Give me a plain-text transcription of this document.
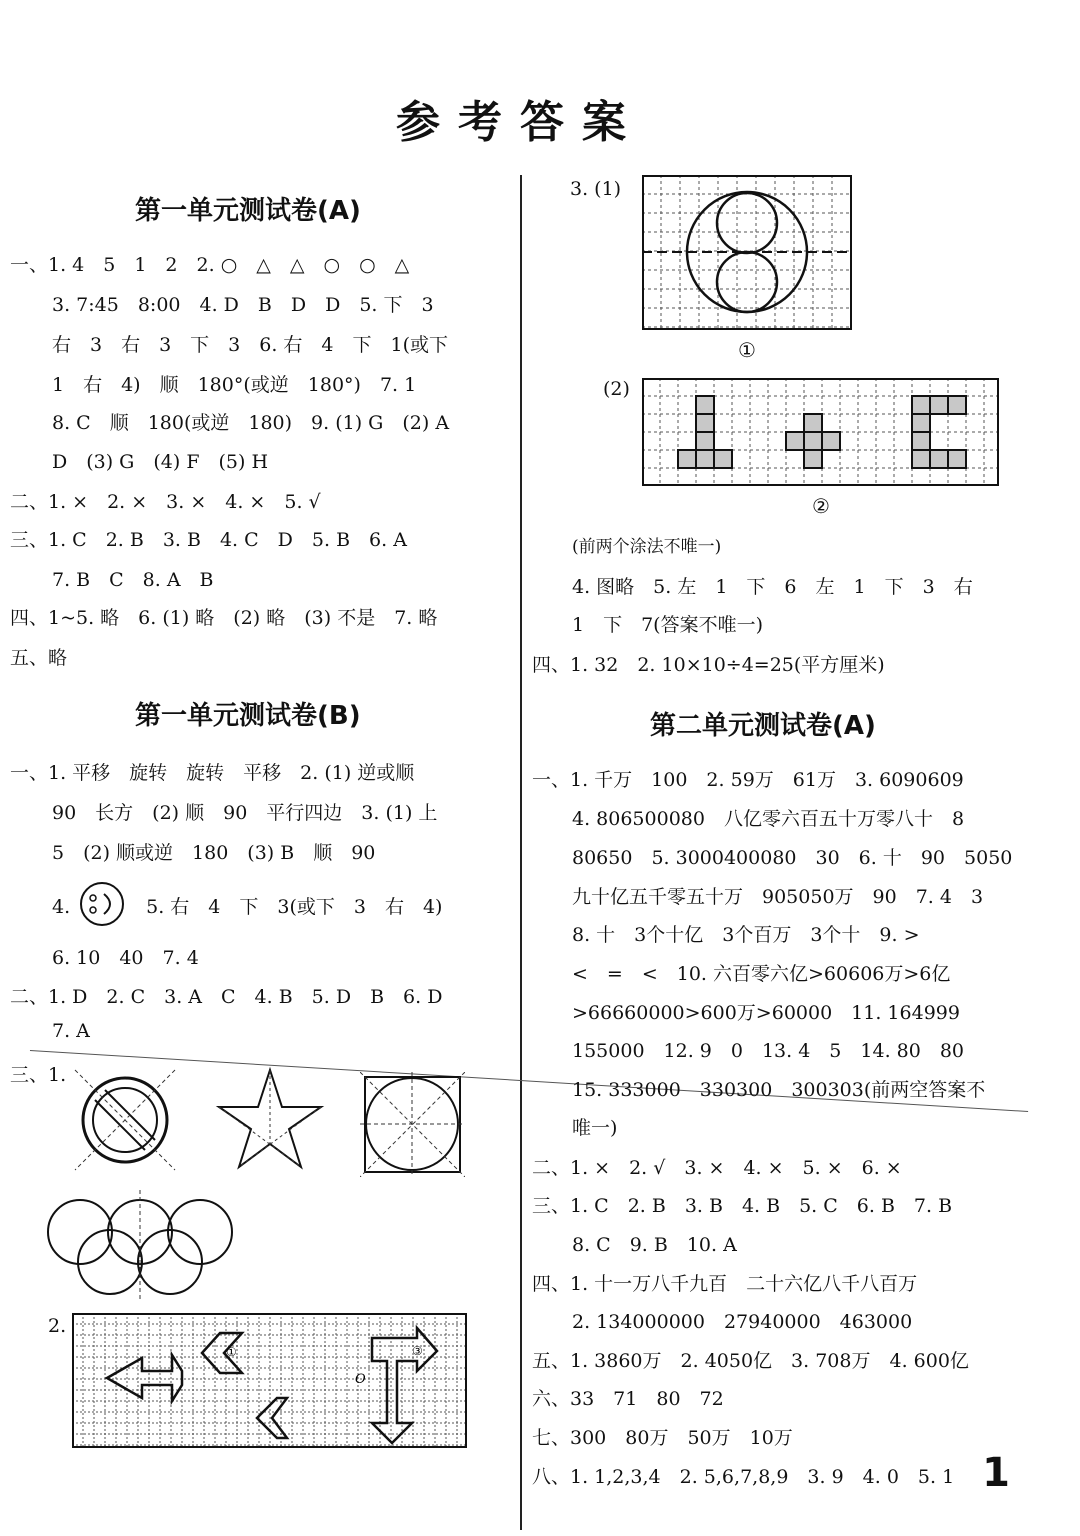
参考答案
第一单元测试卷(A)
一、1. 4　5　1　2　2. ○　△　△　○　○　△
3. 7:45　8:00　4. D　B　D　D　5. 下　3
右　3　右　3　下　3　6. 右　4　下　1(或下
1　右　4)　顺　180°(或逆　180°)　7. 1
8. C　顺　180(或逆　180)　9. (1) G　(2) A
D　(3) G　(4) F　(5) H
二、1. ×　2. ×　3. ×　4. ×　5. √
三、1. C　2. B　3. B　4. C　D　5. B　6. A
7. B　C　8. A　B
四、1~5. 略　6. (1) 略　(2) 略　(3) 不是　7. 略
五、略
第一单元测试卷(B)
一、1. 平移　旋转　旋转　平移　2. (1) 逆或顺
90　长方　(2) 顺　90　平行四边　3. (1) 上
5　(2) 顺或逆　180　(3) B　顺　90
4.　　　　5. 右　4　下　3(或下　3　右　4)
6. 10　40　7. 4
二、1. D　2. C　3. A　C　4. B　5. D　B　6. D
7. A
三、1.
2.
①	③
O
3. (1)
①
(2)
②
(前两个涂法不唯一)
4. 图略　5. 左　1　下　6　左　1　下　3　右
1　下　7(答案不唯一)
四、1. 32　2. 10×10÷4=25(平方厘米)
第二单元测试卷(A)
一、1. 千万　100　2. 59万　61万　3. 6090609
4. 806500080　八亿零六百五十万零八十　8
80650　5. 3000400080　30　6. 十　90　5050
九十亿五千零五十万　905050万　90　7. 4　3
8. 十　3个十亿　3个百万　3个十　9. >
<　=　<　10. 六百零六亿>60606万>6亿
>66660000>600万>60000　11. 164999
155000　12. 9　0　13. 4　5　14. 80　80
15. 333000　330300　300303(前两空答案不
唯一)
二、1. ×　2. √　3. ×　4. ×　5. ×　6. ×
三、1. C　2. B　3. B　4. B　5. C　6. B　7. B
8. C　9. B　10. A
四、1. 十一万八千九百　二十六亿八千八百万
2. 134000000　27940000　463000
五、1. 3860万　2. 4050亿　3. 708万　4. 600亿
六、33　71　80　72
七、300　80万　50万　10万
八、1. 1,2,3,4　2. 5,6,7,8,9　3. 9　4. 0　5. 1 1
